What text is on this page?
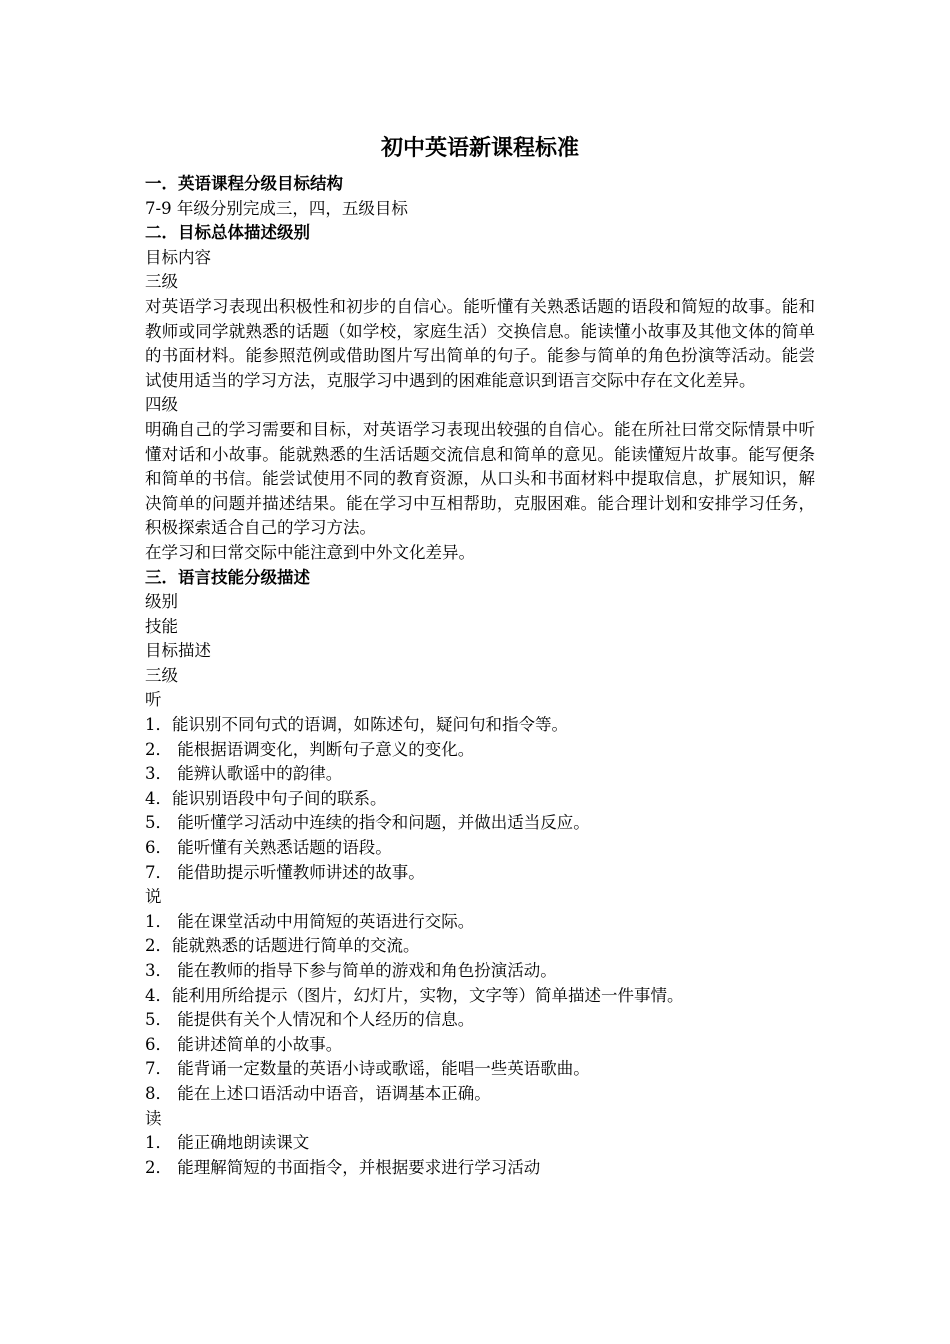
初中英语新课程标准
一．英语课程分级目标结构
7-9 年级分别完成三，四，五级目标
二．目标总体描述级别
目标内容
三级
对英语学习表现出积极性和初步的自信心。能听懂有关熟悉话题的语段和简短的故事。能和教师或同学就熟悉的话题（如学校，家庭生活）交换信息。能读懂小故事及其他文体的简单的书面材料。能参照范例或借助图片写出简单的句子。能参与简单的角色扮演等活动。能尝试使用适当的学习方法，克服学习中遇到的困难能意识到语言交际中存在文化差异。
四级
明确自己的学习需要和目标，对英语学习表现出较强的自信心。能在所社曰常交际情景中听懂对话和小故事。能就熟悉的生活话题交流信息和简单的意见。能读懂短片故事。能写便条和简单的书信。能尝试使用不同的教育资源，从口头和书面材料中提取信息，扩展知识，解决简单的问题并描述结果。能在学习中互相帮助，克服困难。能合理计划和安排学习任务，积极探索适合自己的学习方法。
在学习和曰常交际中能注意到中外文化差异。
三．语言技能分级描述
级别
技能
目标描述
三级
听
1．能识别不同句式的语调，如陈述句，疑问句和指令等。
2． 能根据语调变化，判断句子意义的变化。
3． 能辨认歌谣中的韵律。
4．能识别语段中句子间的联系。
5． 能听懂学习活动中连续的指令和问题，并做出适当反应。
6． 能听懂有关熟悉话题的语段。
7． 能借助提示听懂教师讲述的故事。
说
1． 能在课堂活动中用简短的英语进行交际。
2．能就熟悉的话题进行简单的交流。
3． 能在教师的指导下参与简单的游戏和角色扮演活动。
4．能利用所给提示（图片，幻灯片，实物，文字等）简单描述一件事情。
5． 能提供有关个人情况和个人经历的信息。
6． 能讲述简单的小故事。
7． 能背诵一定数量的英语小诗或歌谣，能唱一些英语歌曲。
8． 能在上述口语活动中语音，语调基本正确。
读
1． 能正确地朗读课文
2． 能理解简短的书面指令，并根据要求进行学习活动
